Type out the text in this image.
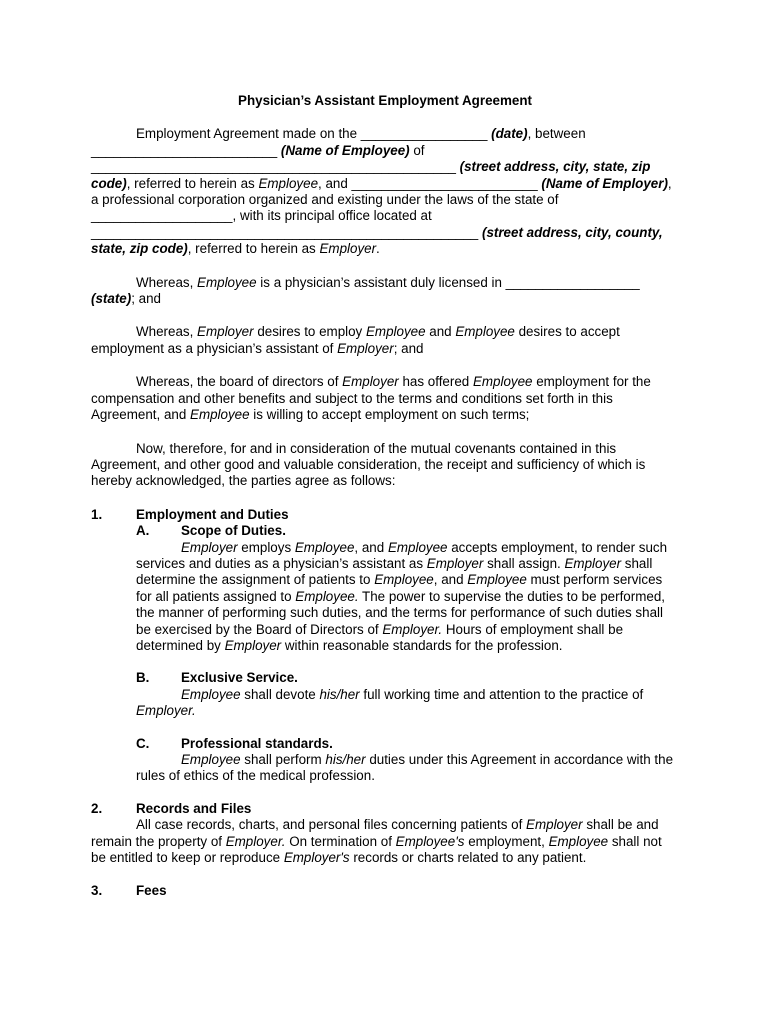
Physician’s Assistant Employment Agreement

Employment Agreement made on the _________________ (date), between _________________________ (Name of Employee) of _________________________________________________ (street address, city, state, zip code), referred to herein as Employee, and _________________________ (Name of Employer), a professional corporation organized and existing under the laws of the state of ___________________, with its principal office located at ____________________________________________________ (street address, city, county, state, zip code), referred to herein as Employer.

Whereas, Employee is a physician’s assistant duly licensed in __________________ (state); and

Whereas, Employer desires to employ Employee and Employee desires to accept employment as a physician’s assistant of Employer; and

Whereas, the board of directors of Employer has offered Employee employment for the compensation and other benefits and subject to the terms and conditions set forth in this Agreement, and Employee is willing to accept employment on such terms;

Now, therefore, for and in consideration of the mutual covenants contained in this Agreement, and other good and valuable consideration, the receipt and sufficiency of which is hereby acknowledged, the parties agree as follows:

1.	Employment and Duties
A.	Scope of Duties.

Employer employs Employee, and Employee accepts employment, to render such services and duties as a physician’s assistant as Employer shall assign. Employer shall determine the assignment of patients to Employee, and Employee must perform services for all patients assigned to Employee. The power to supervise the duties to be performed, the manner of performing such duties, and the terms for performance of such duties shall be exercised by the Board of Directors of Employer. Hours of employment shall be determined by Employer within reasonable standards for the profession.

B.	Exclusive Service.

Employee shall devote his/her full working time and attention to the practice of Employer.

C.	Professional standards.

Employee shall perform his/her duties under this Agreement in accordance with the rules of ethics of the medical profession.

2.	Records and Files

All case records, charts, and personal files concerning patients of Employer shall be and remain the property of Employer. On termination of Employee's employment, Employee shall not be entitled to keep or reproduce Employer's records or charts related to any patient.

3.	Fees
